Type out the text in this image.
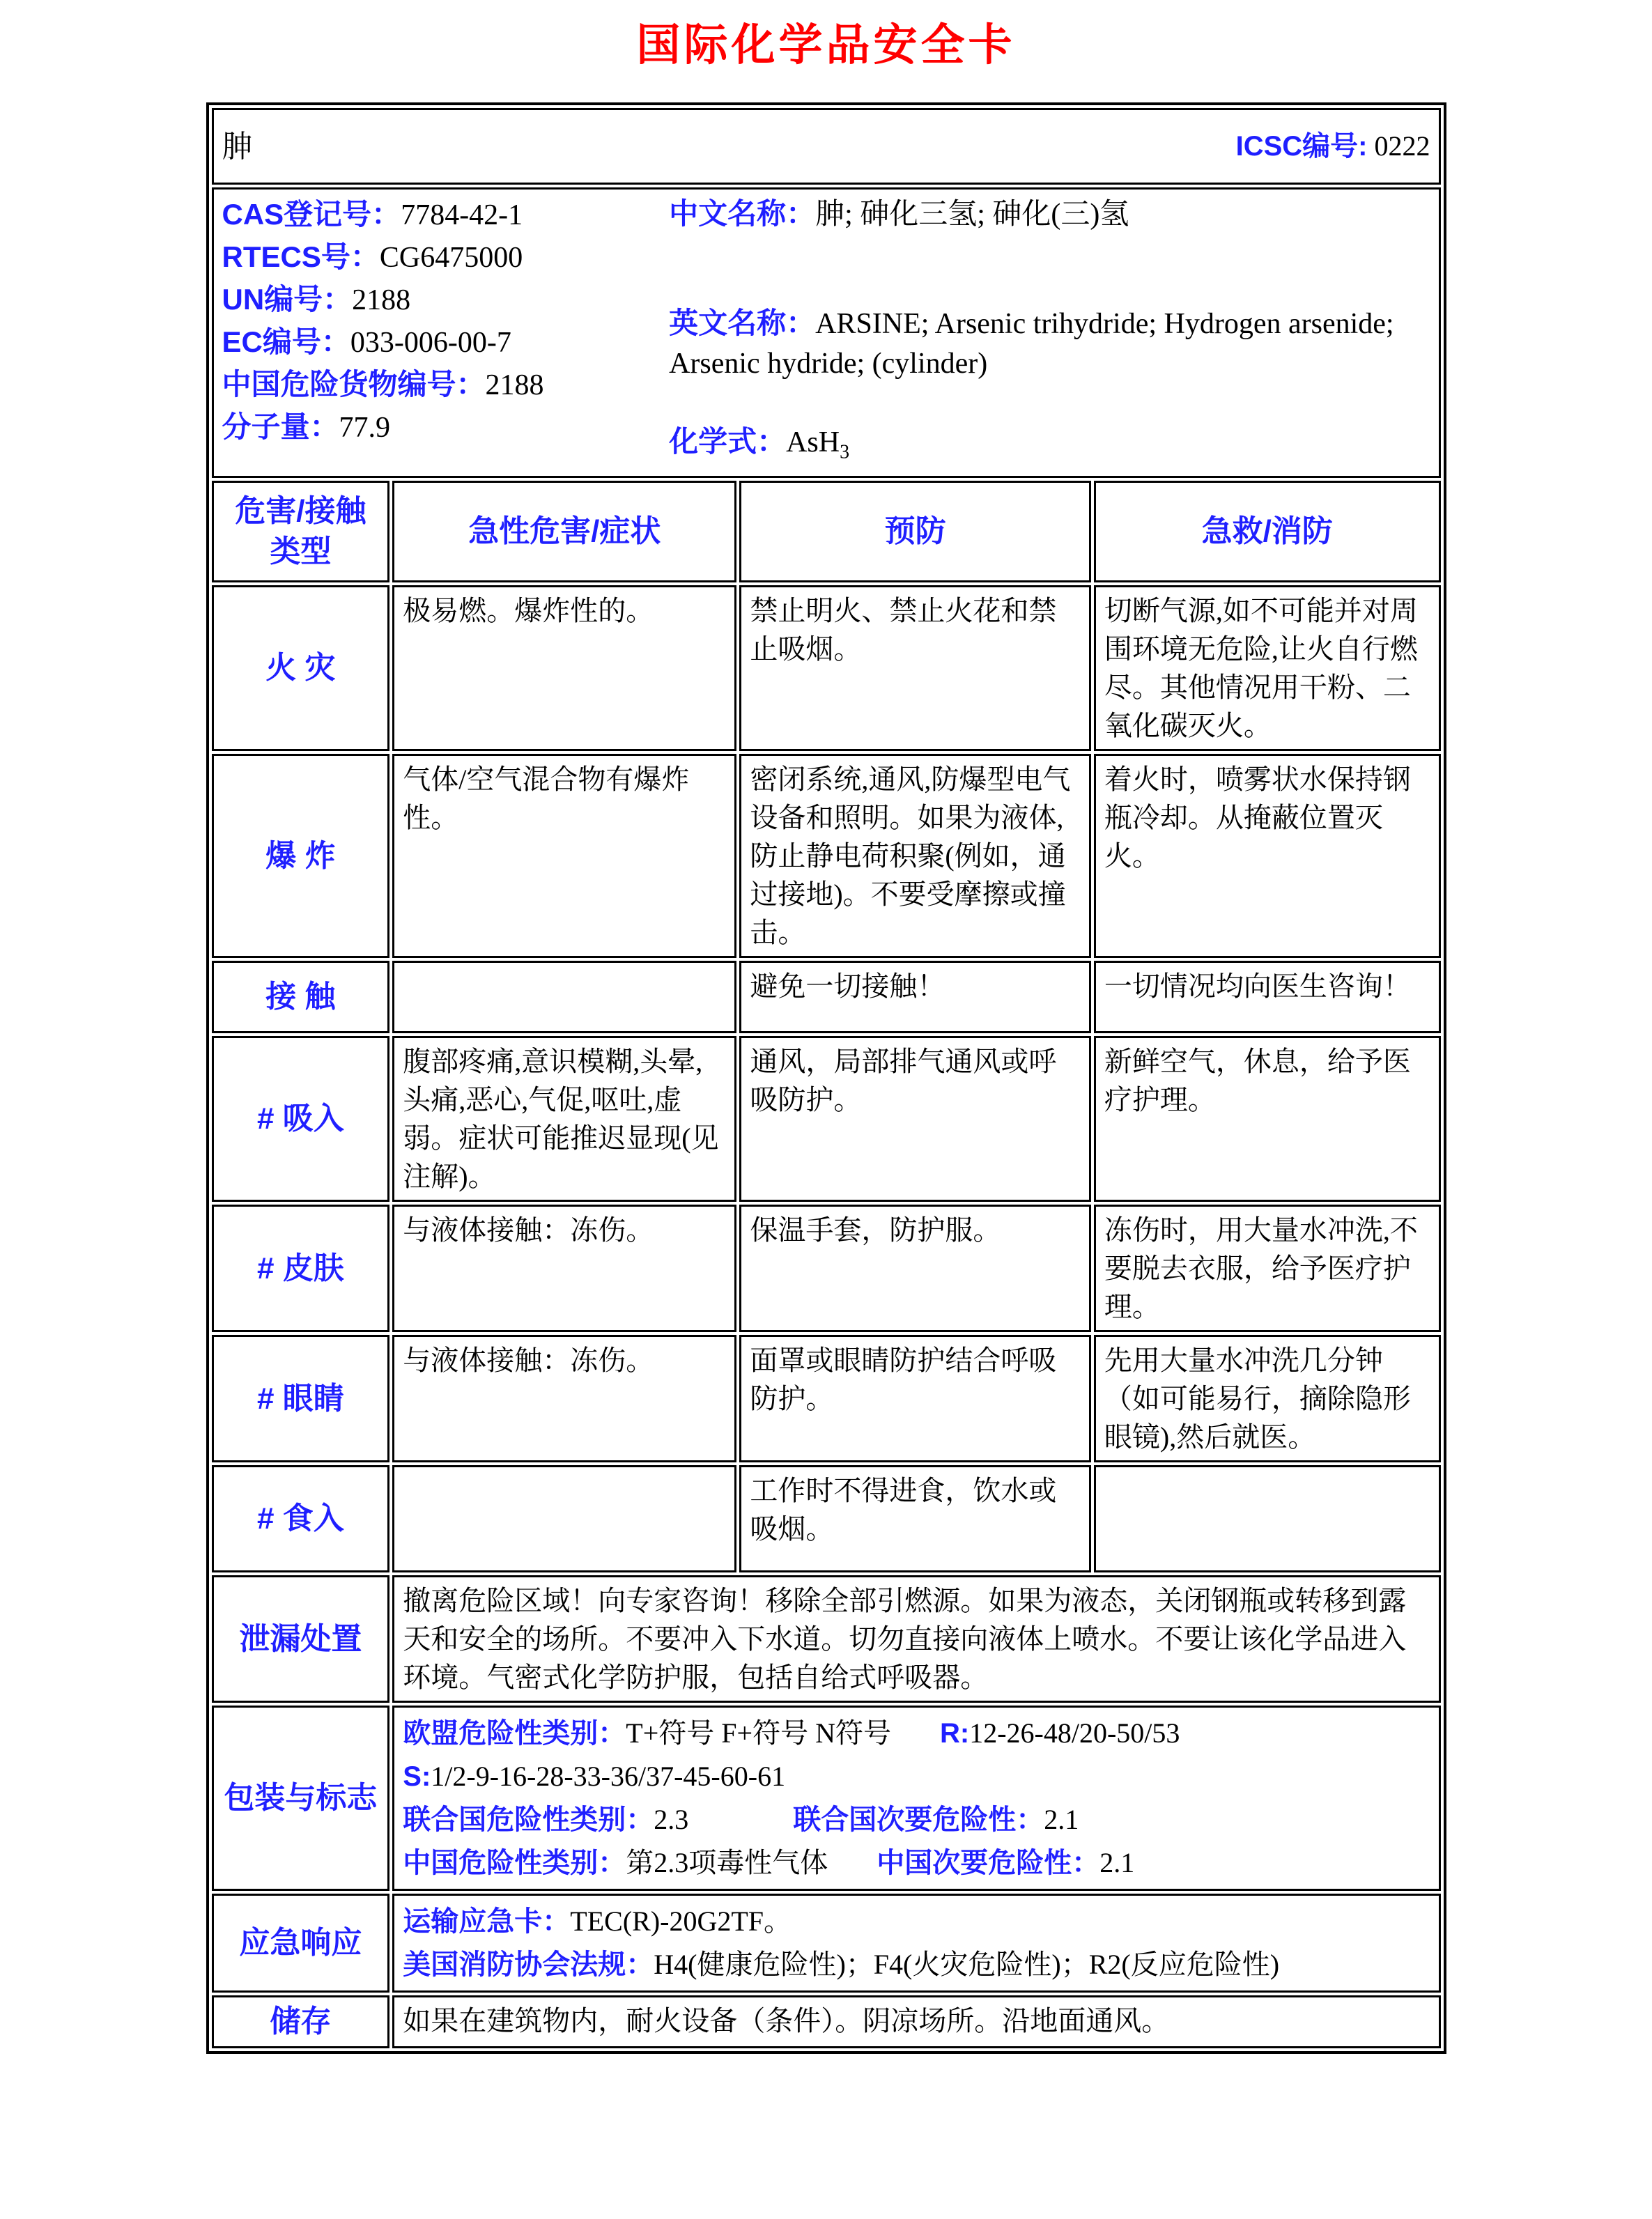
国际化学品安全卡
胂 ICSC编号: 0222			

CAS登记号：7784-42-1
RTECS号：CG6475000
UN编号：2188
EC编号：033-006-00-7
中国危险货物编号：2188
分子量：77.9
中文名称：胂; 砷化三氢; 砷化(三)氢
英文名称：ARSINE; Arsenic trihydride; Hydrogen arsenide; Arsenic hydride; (cylinder)
化学式：AsH$_3$

危害/接触类型	急性危害/症状	预防	急救/消防
火 灾	极易燃。爆炸性的。	禁止明火、禁止火花和禁止吸烟。	切断气源,如不可能并对周围环境无危险,让火自行燃尽。其他情况用干粉、二氧化碳灭火。
爆 炸	气体/空气混合物有爆炸性。	密闭系统,通风,防爆型电气设备和照明。如果为液体,防止静电荷积聚(例如，通过接地)。不要受摩擦或撞击。	着火时，喷雾状水保持钢瓶冷却。从掩蔽位置灭火。
接 触		避免一切接触！	一切情况均向医生咨询！
# 吸入	腹部疼痛,意识模糊,头晕,头痛,恶心,气促,呕吐,虚弱。症状可能推迟显现(见注解)。	通风，局部排气通风或呼吸防护。	新鲜空气，休息，给予医疗护理。
# 皮肤	与液体接触：冻伤。	保温手套，防护服。	冻伤时，用大量水冲洗,不要脱去衣服，给予医疗护理。
# 眼睛	与液体接触：冻伤。	面罩或眼睛防护结合呼吸防护。	先用大量水冲洗几分钟（如可能易行，摘除隐形眼镜),然后就医。
# 食入		工作时不得进食，饮水或吸烟。	
泄漏处置	撤离危险区域！向专家咨询！移除全部引燃源。如果为液态，关闭钢瓶或转移到露天和安全的场所。不要冲入下水道。切勿直接向液体上喷水。不要让该化学品进入环境。气密式化学防护服，包括自给式呼吸器。		
包装与标志	欧盟危险性类别：T+符号 F+符号 N符号 R:12-26-48/20-50/53
S:1/2-9-16-28-33-36/37-45-60-61
联合国危险性类别：2.3 联合国次要危险性：2.1
中国危险性类别：第2.3项毒性气体 中国次要危险性：2.1		

应急响应	运输应急卡：TEC(R)-20G2TF。
美国消防协会法规：H4(健康危险性)；F4(火灾危险性)；R2(反应危险性)		

储存	如果在建筑物内，耐火设备（条件）。阴凉场所。沿地面通风。		
